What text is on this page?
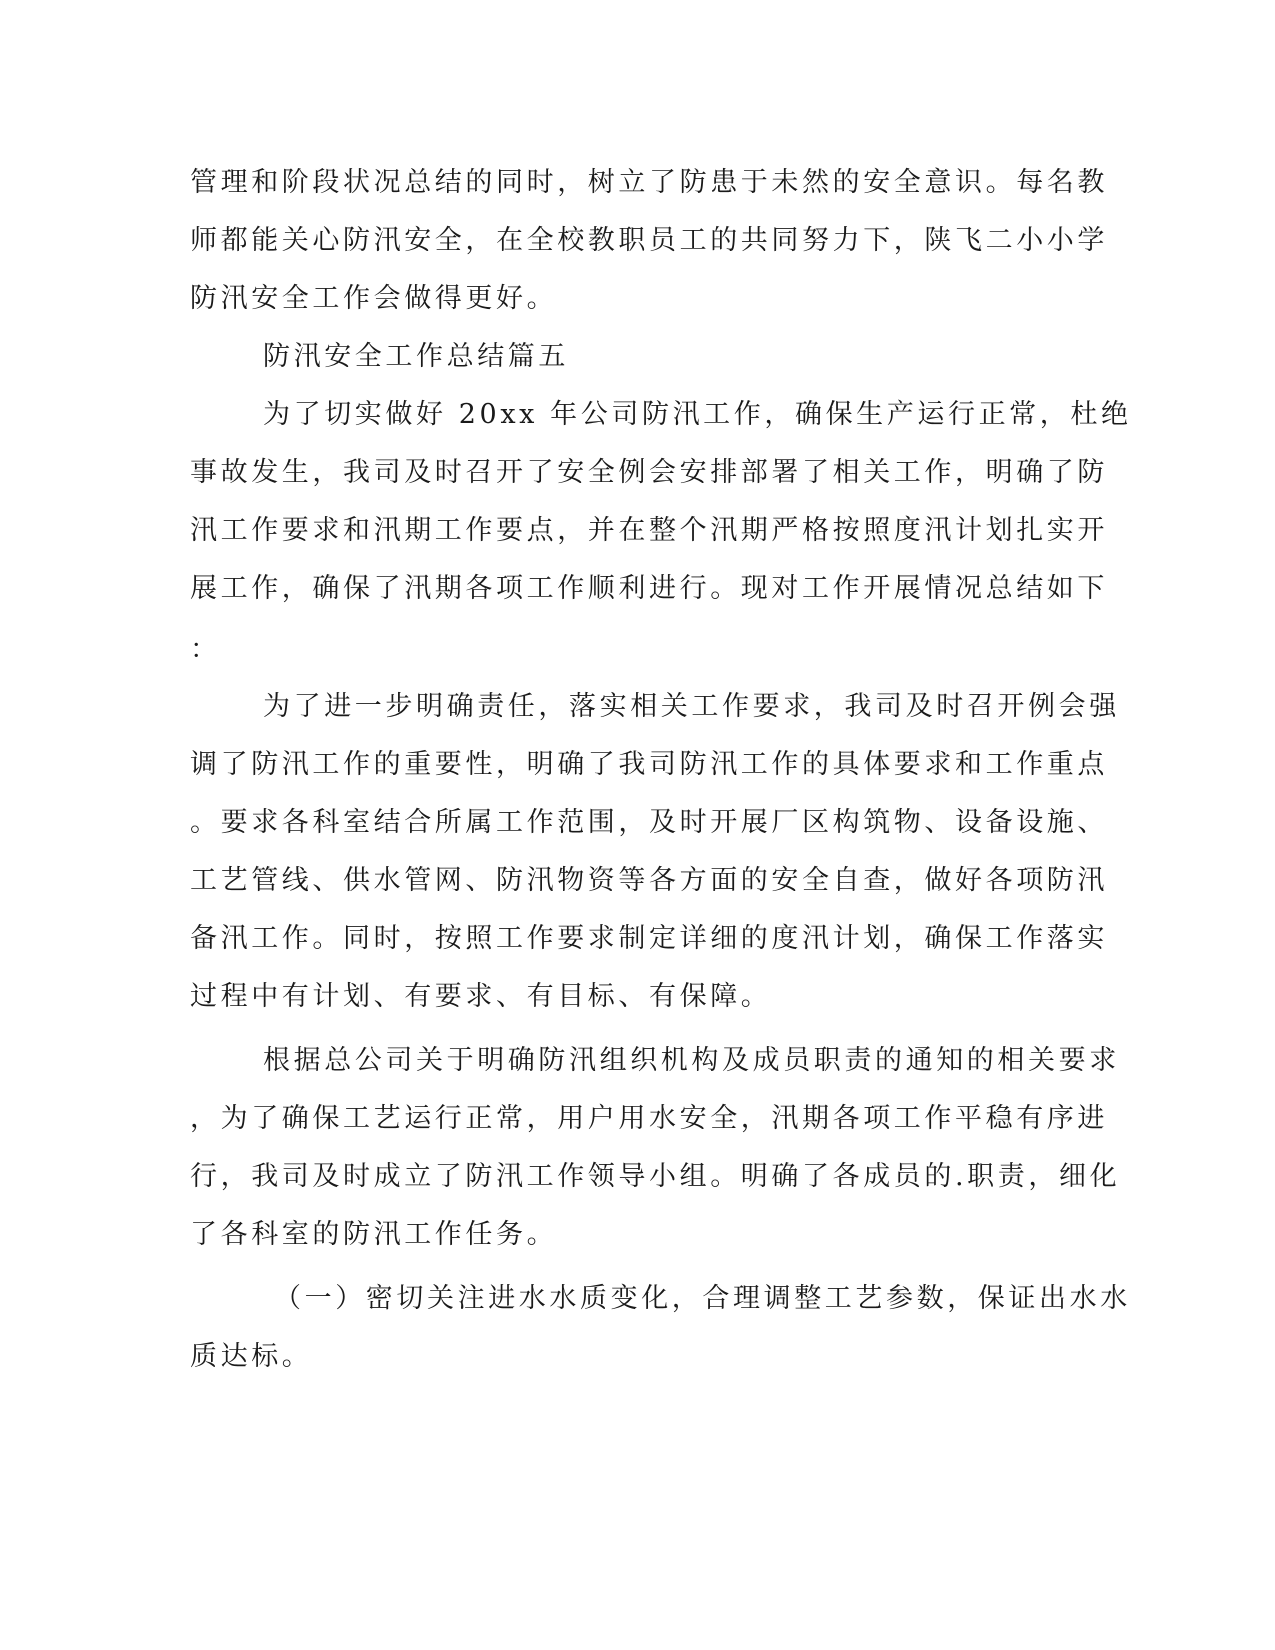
管理和阶段状况总结的同时，树立了防患于未然的安全意识。每名教
师都能关心防汛安全，在全校教职员工的共同努力下，陕飞二小小学
防汛安全工作会做得更好。
防汛安全工作总结篇五
为了切实做好 20xx 年公司防汛工作，确保生产运行正常，杜绝
事故发生，我司及时召开了安全例会安排部署了相关工作，明确了防
汛工作要求和汛期工作要点，并在整个汛期严格按照度汛计划扎实开
展工作，确保了汛期各项工作顺利进行。现对工作开展情况总结如下
：
为了进一步明确责任，落实相关工作要求，我司及时召开例会强
调了防汛工作的重要性，明确了我司防汛工作的具体要求和工作重点
。要求各科室结合所属工作范围，及时开展厂区构筑物、设备设施、
工艺管线、供水管网、防汛物资等各方面的安全自查，做好各项防汛
备汛工作。同时，按照工作要求制定详细的度汛计划，确保工作落实
过程中有计划、有要求、有目标、有保障。
根据总公司关于明确防汛组织机构及成员职责的通知的相关要求
，为了确保工艺运行正常，用户用水安全，汛期各项工作平稳有序进
行，我司及时成立了防汛工作领导小组。明确了各成员的.职责，细化
了各科室的防汛工作任务。
（一）密切关注进水水质变化，合理调整工艺参数，保证出水水
质达标。
